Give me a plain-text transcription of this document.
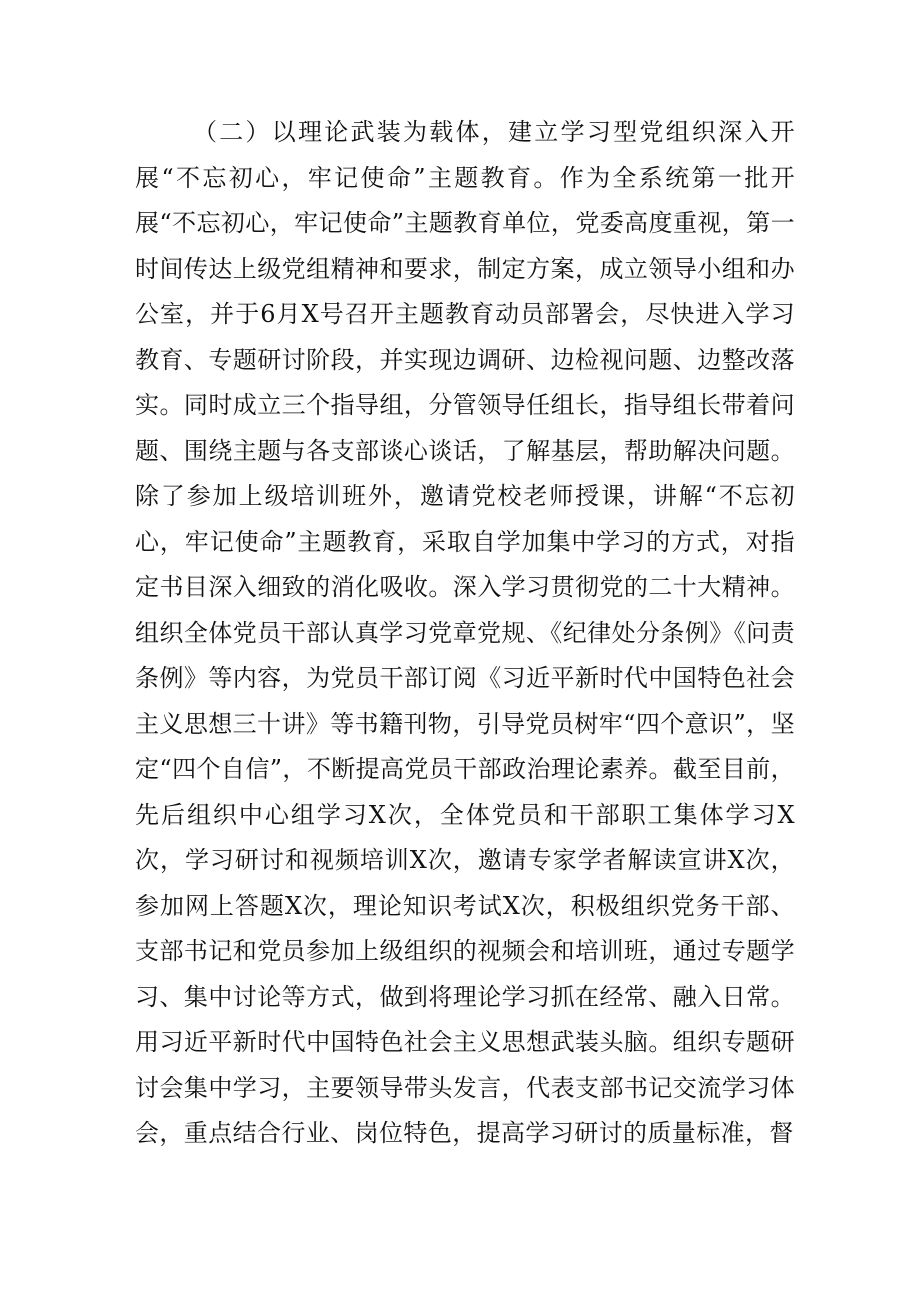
（二）以理论武装为载体，建立学习型党组织深入开展“不忘初心，牢记使命”主题教育。作为全系统第一批开展“不忘初心，牢记使命”主题教育单位，党委高度重视，第一时间传达上级党组精神和要求，制定方案，成立领导小组和办公室，并于6月X号召开主题教育动员部署会，尽快进入学习教育、专题研讨阶段，并实现边调研、边检视问题、边整改落实。同时成立三个指导组，分管领导任组长，指导组长带着问题、围绕主题与各支部谈心谈话，了解基层，帮助解决问题。除了参加上级培训班外，邀请党校老师授课，讲解“不忘初心，牢记使命”主题教育，采取自学加集中学习的方式，对指定书目深入细致的消化吸收。深入学习贯彻党的二十大精神。组织全体党员干部认真学习党章党规、《纪律处分条例》《问责条例》等内容，为党员干部订阅《习近平新时代中国特色社会主义思想三十讲》等书籍刊物，引导党员树牢“四个意识”，坚定“四个自信”，不断提高党员干部政治理论素养。截至目前，先后组织中心组学习X次，全体党员和干部职工集体学习X次，学习研讨和视频培训X次，邀请专家学者解读宣讲X次，参加网上答题X次，理论知识考试X次，积极组织党务干部、支部书记和党员参加上级组织的视频会和培训班，通过专题学习、集中讨论等方式，做到将理论学习抓在经常、融入日常。用习近平新时代中国特色社会主义思想武装头脑。组织专题研讨会集中学习，主要领导带头发言，代表支部书记交流学习体会，重点结合行业、岗位特色，提高学习研讨的质量标准，督
